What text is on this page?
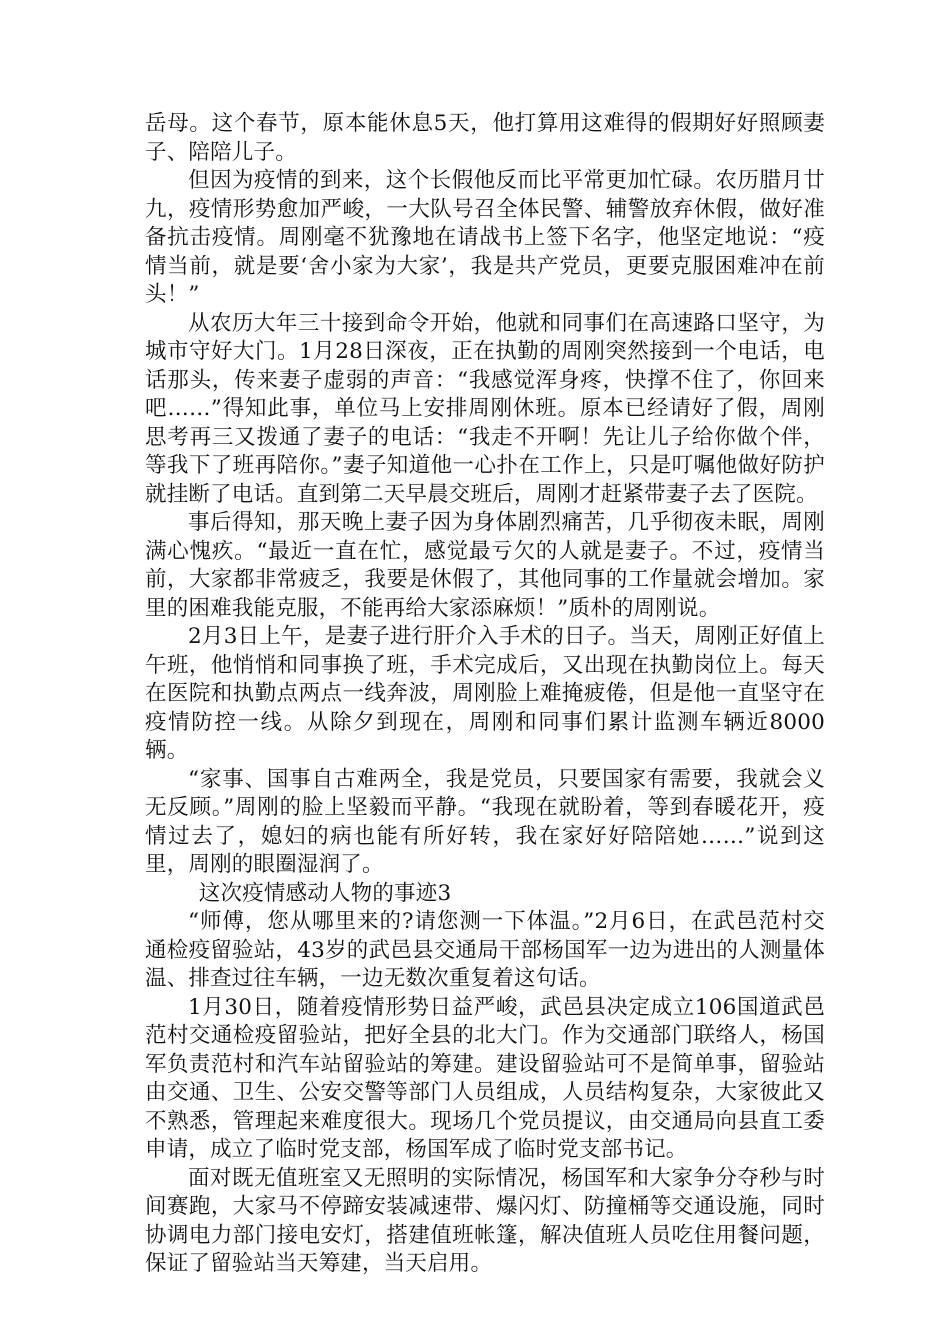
岳母。这个春节，原本能休息5天，他打算用这难得的假期好好照顾妻子、陪陪儿子。

但因为疫情的到来，这个长假他反而比平常更加忙碌。农历腊月廿九，疫情形势愈加严峻，一大队号召全体民警、辅警放弃休假，做好准备抗击疫情。周刚毫不犹豫地在请战书上签下名字，他坚定地说：“疫情当前，就是要‘舍小家为大家’，我是共产党员，更要克服困难冲在前头！”

从农历大年三十接到命令开始，他就和同事们在高速路口坚守，为城市守好大门。1月28日深夜，正在执勤的周刚突然接到一个电话，电话那头，传来妻子虚弱的声音：“我感觉浑身疼，快撑不住了，你回来吧……”得知此事，单位马上安排周刚休班。原本已经请好了假，周刚思考再三又拨通了妻子的电话：“我走不开啊！先让儿子给你做个伴，等我下了班再陪你。”妻子知道他一心扑在工作上，只是叮嘱他做好防护就挂断了电话。直到第二天早晨交班后，周刚才赶紧带妻子去了医院。

事后得知，那天晚上妻子因为身体剧烈痛苦，几乎彻夜未眠，周刚满心愧疚。“最近一直在忙，感觉最亏欠的人就是妻子。不过，疫情当前，大家都非常疲乏，我要是休假了，其他同事的工作量就会增加。家里的困难我能克服，不能再给大家添麻烦！”质朴的周刚说。

2月3日上午，是妻子进行肝介入手术的日子。当天，周刚正好值上午班，他悄悄和同事换了班，手术完成后，又出现在执勤岗位上。每天在医院和执勤点两点一线奔波，周刚脸上难掩疲倦，但是他一直坚守在疫情防控一线。从除夕到现在，周刚和同事们累计监测车辆近8000辆。

“家事、国事自古难两全，我是党员，只要国家有需要，我就会义无反顾。”周刚的脸上坚毅而平静。“我现在就盼着，等到春暖花开，疫情过去了，媳妇的病也能有所好转，我在家好好陪陪她……”说到这里，周刚的眼圈湿润了。

这次疫情感动人物的事迹3

“师傅，您从哪里来的?请您测一下体温。”2月6日，在武邑范村交通检疫留验站，43岁的武邑县交通局干部杨国军一边为进出的人测量体温、排查过往车辆，一边无数次重复着这句话。

1月30日，随着疫情形势日益严峻，武邑县决定成立106国道武邑范村交通检疫留验站，把好全县的北大门。作为交通部门联络人，杨国军负责范村和汽车站留验站的筹建。建设留验站可不是简单事，留验站由交通、卫生、公安交警等部门人员组成，人员结构复杂，大家彼此又不熟悉，管理起来难度很大。现场几个党员提议，由交通局向县直工委申请，成立了临时党支部，杨国军成了临时党支部书记。

面对既无值班室又无照明的实际情况，杨国军和大家争分夺秒与时间赛跑，大家马不停蹄安装减速带、爆闪灯、防撞桶等交通设施，同时协调电力部门接电安灯，搭建值班帐篷，解决值班人员吃住用餐问题，保证了留验站当天筹建，当天启用。
